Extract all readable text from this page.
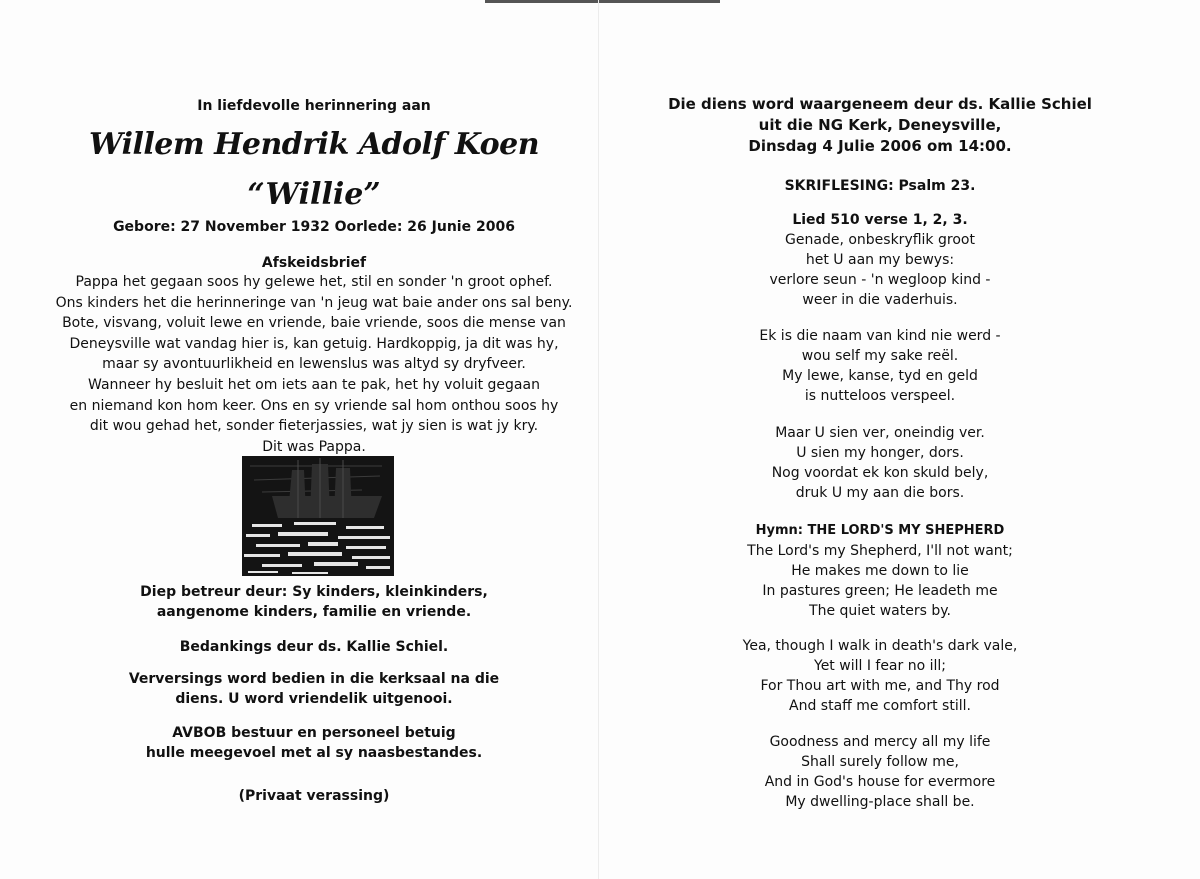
In liefdevolle herinnering aan
Willem Hendrik Adolf Koen
“Willie”
Gebore: 27 November 1932 Oorlede: 26 Junie 2006
Afskeidsbrief

Pappa het gegaan soos hy gelewe het, stil en sonder 'n groot ophef.

Ons kinders het die herinneringe van 'n jeug wat baie ander ons sal beny.

Bote, visvang, voluit lewe en vriende, baie vriende, soos die mense van

Deneysville wat vandag hier is, kan getuig. Hardkoppig, ja dit was hy,

maar sy avontuurlikheid en lewenslus was altyd sy dryfveer.

Wanneer hy besluit het om iets aan te pak, het hy voluit gegaan

en niemand kon hom keer. Ons en sy vriende sal hom onthou soos hy

dit wou gehad het, sonder fieterjassies, wat jy sien is wat jy kry.

Dit was Pappa.

Diep betreur deur: Sy kinders, kleinkinders,

aangenome kinders, familie en vriende.

Bedankings deur ds. Kallie Schiel.

Verversings word bedien in die kerksaal na die

diens. U word vriendelik uitgenooi.

AVBOB bestuur en personeel betuig

hulle meegevoel met al sy naasbestandes.

(Privaat verassing)

Die diens word waargeneem deur ds. Kallie Schiel

uit die NG Kerk, Deneysville,

Dinsdag 4 Julie 2006 om 14:00.

SKRIFLESING: Psalm 23.
Lied 510 verse 1, 2, 3.

Genade, onbeskryflik groot

het U aan my bewys:

verlore seun - 'n wegloop kind -

weer in die vaderhuis.

Ek is die naam van kind nie werd -

wou self my sake reël.

My lewe, kanse, tyd en geld

is nutteloos verspeel.

Maar U sien ver, oneindig ver.

U sien my honger, dors.

Nog voordat ek kon skuld bely,

druk U my aan die bors.

Hymn: THE LORD'S MY SHEPHERD

The Lord's my Shepherd, I'll not want;

He makes me down to lie

In pastures green; He leadeth me

The quiet waters by.

Yea, though I walk in death's dark vale,

Yet will I fear no ill;

For Thou art with me, and Thy rod

And staff me comfort still.

Goodness and mercy all my life

Shall surely follow me,

And in God's house for evermore

My dwelling-place shall be.
